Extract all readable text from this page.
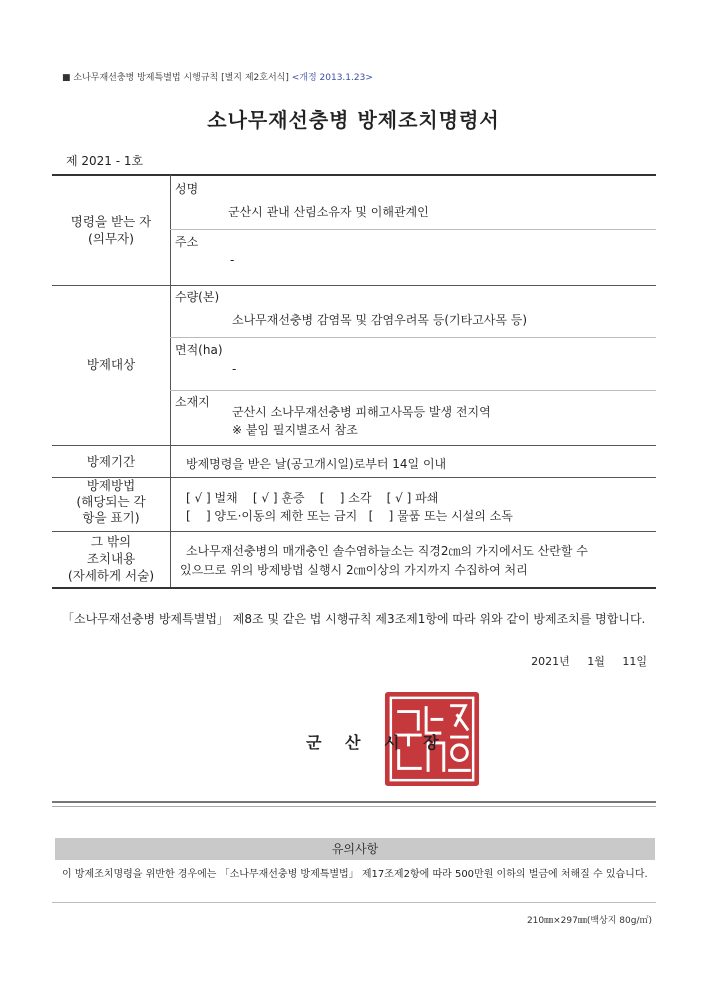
■ 소나무재선충병 방제특별법 시행규칙 [별지 제2호서식] <개정 2013.1.23>
소나무재선충병 방제조치명령서
제 2021 - 1호
명령을 받는 자
(의무자)
성명
군산시 관내 산림소유자 및 이해관계인
주소
-
방제대상
수량(본)
소나무재선충병 감염목 및 감염우려목 등(기타고사목 등)
면적(ha)
-
소재지
군산시 소나무재선충병 피해고사목등 발생 전지역
※ 붙임 필지별조서 참조
방제기간	방제명령을 받은 날(공고개시일)로부터 14일 이내
방제방법
(해당되는 각
항을 표기)
[ √ ] 벌채    [ √ ] 훈증    [    ] 소각    [ √ ] 파쇄
[    ] 양도·이동의 제한 또는 금지   [    ] 물품 또는 시설의 소독
그 밖의
조치내용
(자세하게 서술)
소나무재선충병의 매개충인 솔수염하늘소는 직경2㎝의 가지에서도 산란할 수
있으므로 위의 방제방법 실행시 2㎝이상의 가지까지 수집하여 처리
「소나무재선충병 방제특별법」 제8조 및 같은 법 시행규칙 제3조제1항에 따라 위와 같이 방제조치를 명합니다.
2021년 1월 11일
군 산 시 장
유의사항
이 방제조치명령을 위반한 경우에는 「소나무재선충병 방제특별법」 제17조제2항에 따라 500만원 이하의 벌금에 처해질 수 있습니다.
210㎜×297㎜(백상지 80g/㎡)
